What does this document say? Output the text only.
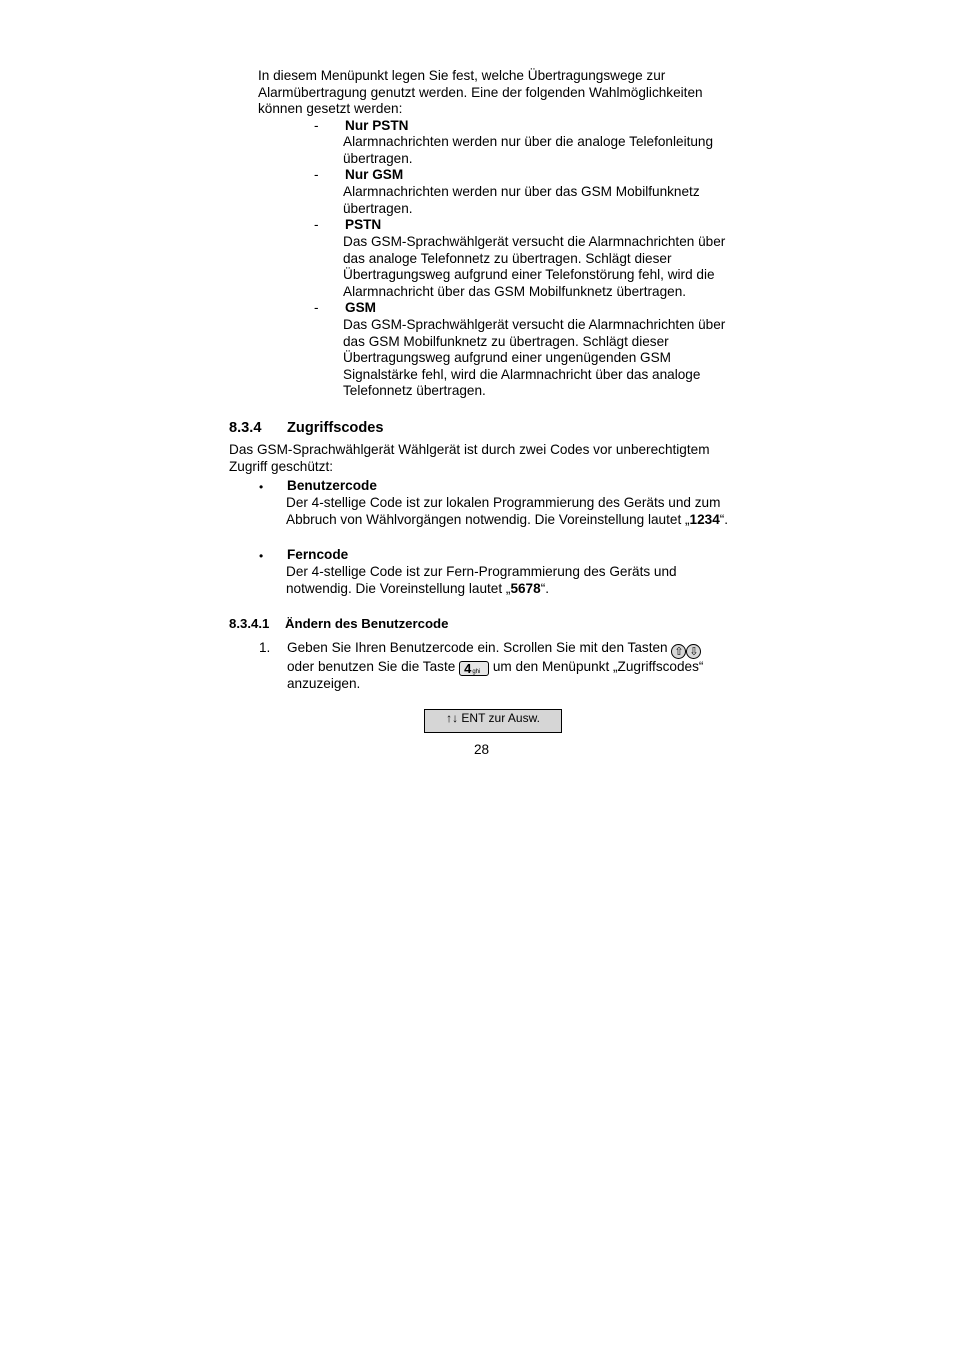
In diesem Menüpunkt legen Sie fest, welche Übertragungswege zur Alarmübertragung genutzt werden. Eine der folgenden Wahlmöglichkeiten können gesetzt werden:
- Nur PSTN
Alarmnachrichten werden nur über die analoge Telefonleitung übertragen.
- Nur GSM
Alarmnachrichten werden nur über das GSM Mobilfunknetz übertragen.
- PSTN
Das GSM-Sprachwählgerät versucht die Alarmnachrichten über das analoge Telefonnetz zu übertragen. Schlägt dieser Übertragungsweg aufgrund einer Telefonstörung fehl, wird die Alarmnachricht über das GSM Mobilfunknetz übertragen.
- GSM
Das GSM-Sprachwählgerät versucht die Alarmnachrichten über das GSM Mobilfunknetz zu übertragen. Schlägt dieser Übertragungsweg aufgrund einer ungenügenden GSM Signalstärke fehl, wird die Alarmnachricht über das analoge Telefonnetz übertragen.
8.3.4 Zugriffscodes
Das GSM-Sprachwählgerät Wählgerät ist durch zwei Codes vor unberechtigtem Zugriff geschützt:
• Benutzercode
Der 4-stellige Code ist zur lokalen Programmierung des Geräts und zum Abbruch von Wählvorgängen notwendig. Die Voreinstellung lautet „1234“.
• Ferncode
Der 4-stellige Code ist zur Fern-Programmierung des Geräts und notwendig. Die Voreinstellung lautet „5678“.
8.3.4.1 Ändern des Benutzercode
1. Geben Sie Ihren Benutzercode ein. Scrollen Sie mit den Tasten ⇧ ⇩
oder benutzen Sie die Taste 4ghi um den Menüpunkt „Zugriffscodes“ anzuzeigen.
↑↓ ENT zur Ausw.
28
